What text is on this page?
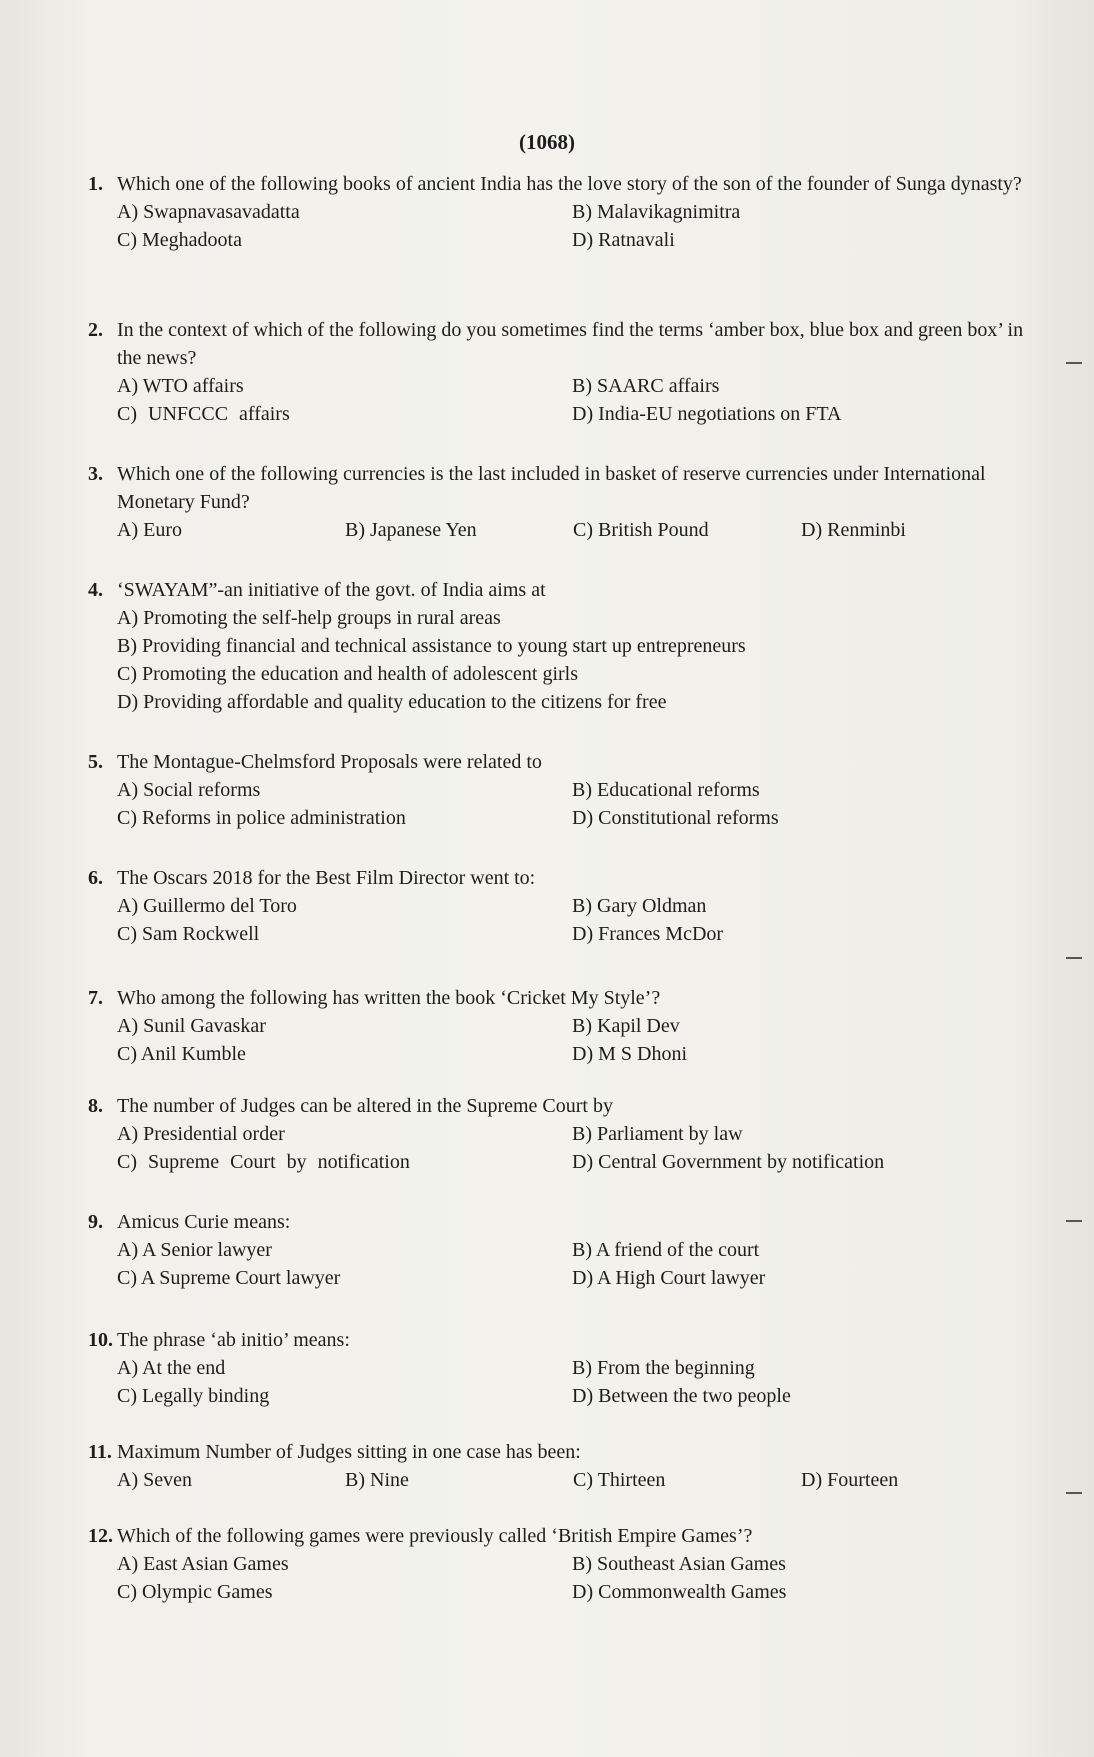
(1068)
1. Which one of the following books of ancient India has the love story of the son of the founder of Sunga dynasty?
A) Swapnavasavadatta	B) Malavikagnimitra
C) Meghadoota	D) Ratnavali
2. In the context of which of the following do you sometimes find the terms ‘amber box, blue box and green box’ in the news?
A) WTO affairs	B) SAARC affairs
C) UNFCCC affairs	D) India-EU negotiations on FTA
3. Which one of the following currencies is the last included in basket of reserve currencies under International Monetary Fund?
A) Euro	B) Japanese Yen	C) British Pound	D) Renminbi
4. ‘SWAYAM”-an initiative of the govt. of India aims at
A) Promoting the self-help groups in rural areas
B) Providing financial and technical assistance to young start up entrepreneurs
C) Promoting the education and health of adolescent girls
D) Providing affordable and quality education to the citizens for free
5. The Montague-Chelmsford Proposals were related to
A) Social reforms	B) Educational reforms
C) Reforms in police administration	D) Constitutional reforms
6. The Oscars 2018 for the Best Film Director went to:
A) Guillermo del Toro	B) Gary Oldman
C) Sam Rockwell	D) Frances McDor
7. Who among the following has written the book ‘Cricket My Style’?
A) Sunil Gavaskar	B) Kapil Dev
C) Anil Kumble	D) M S Dhoni
8. The number of Judges can be altered in the Supreme Court by
A) Presidential order	B) Parliament by law
C) Supreme Court by notification	D) Central Government by notification
9. Amicus Curie means:
A) A Senior lawyer	B) A friend of the court
C) A Supreme Court lawyer	D) A High Court lawyer
10. The phrase ‘ab initio’ means:
A) At the end	B) From the beginning
C) Legally binding	D) Between the two people
11. Maximum Number of Judges sitting in one case has been:
A) Seven	B) Nine	C) Thirteen	D) Fourteen
12. Which of the following games were previously called ‘British Empire Games’?
A) East Asian Games	B) Southeast Asian Games
C) Olympic Games	D) Commonwealth Games
